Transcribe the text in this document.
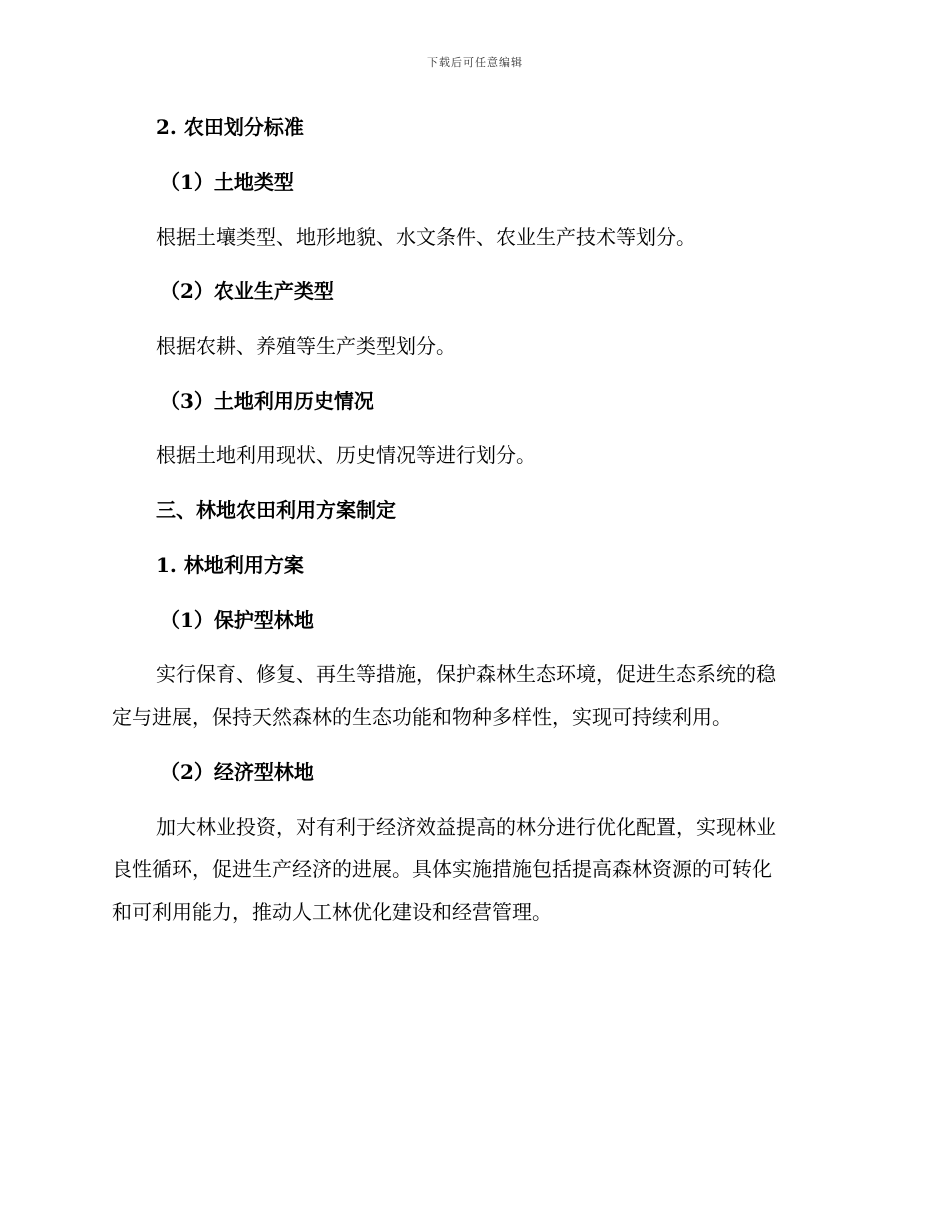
下载后可任意编辑
2. 农田划分标准
（1）土地类型
根据土壤类型、地形地貌、水文条件、农业生产技术等划分。
（2）农业生产类型
根据农耕、养殖等生产类型划分。
（3）土地利用历史情况
根据土地利用现状、历史情况等进行划分。
三、林地农田利用方案制定
1. 林地利用方案
（1）保护型林地
实行保育、修复、再生等措施，保护森林生态环境，促进生态系统的稳
定与进展，保持天然森林的生态功能和物种多样性，实现可持续利用。
（2）经济型林地
加大林业投资，对有利于经济效益提高的林分进行优化配置，实现林业
良性循环，促进生产经济的进展。具体实施措施包括提高森林资源的可转化
和可利用能力，推动人工林优化建设和经营管理。
